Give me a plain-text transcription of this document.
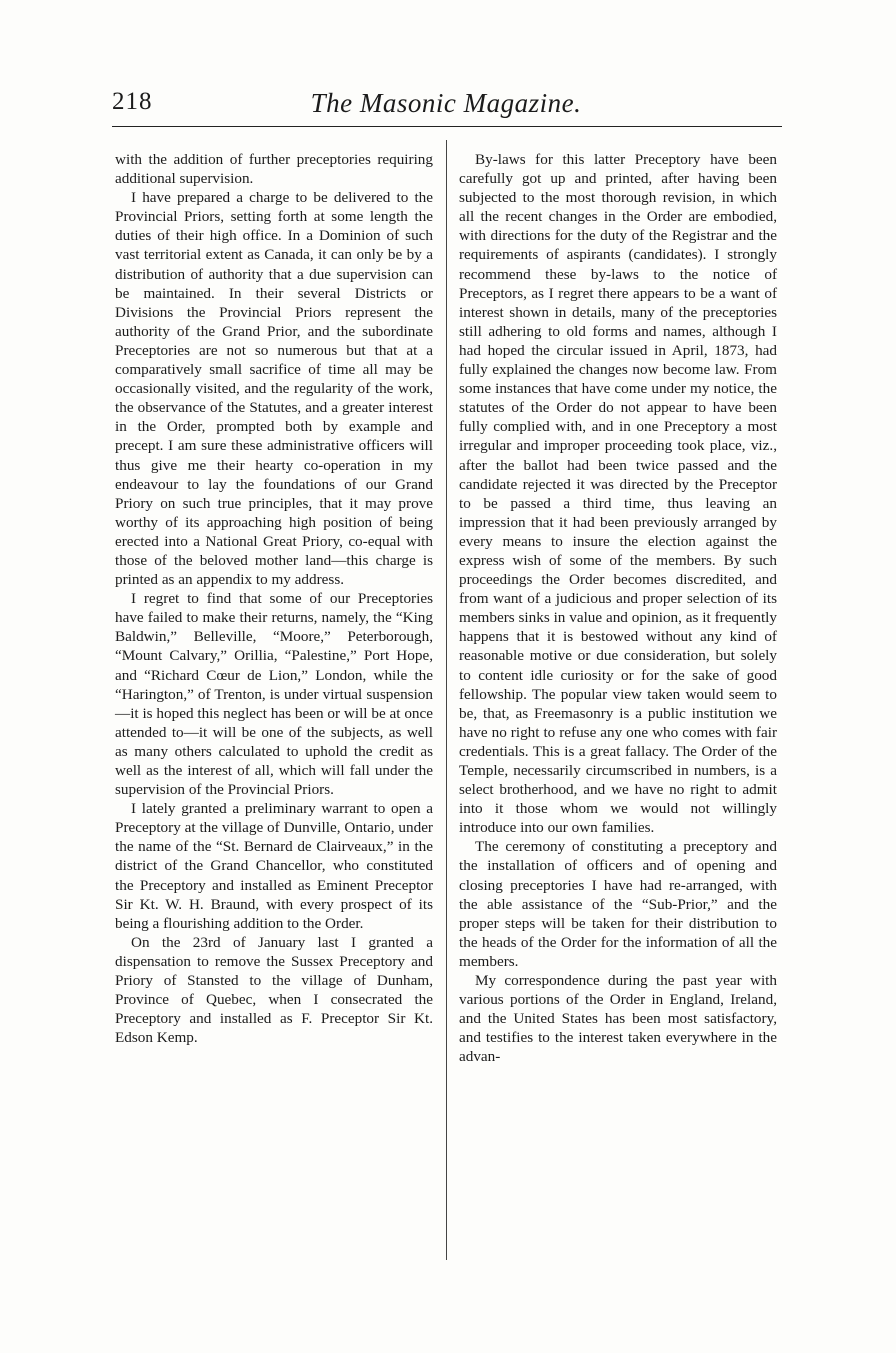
218	The Masonic Magazine.

with the addition of further preceptories requiring additional supervision.

I have prepared a charge to be delivered to the Provincial Priors, setting forth at some length the duties of their high office. In a Dominion of such vast territorial extent as Canada, it can only be by a distribution of authority that a due supervision can be maintained. In their several Districts or Divisions the Provincial Priors represent the authority of the Grand Prior, and the subordinate Preceptories are not so numerous but that at a comparatively small sacrifice of time all may be occasionally visited, and the regularity of the work, the observance of the Statutes, and a greater interest in the Order, prompted both by example and precept. I am sure these administrative officers will thus give me their hearty co-operation in my endeavour to lay the foundations of our Grand Priory on such true principles, that it may prove worthy of its approaching high position of being erected into a National Great Priory, co-equal with those of the beloved mother land—this charge is printed as an appendix to my address.

I regret to find that some of our Preceptories have failed to make their returns, namely, the “King Baldwin,” Belleville, “Moore,” Peterborough, “Mount Calvary,” Orillia, “Palestine,” Port Hope, and “Richard Cœur de Lion,” London, while the “Harington,” of Trenton, is under virtual suspension—it is hoped this neglect has been or will be at once attended to—it will be one of the subjects, as well as many others calculated to uphold the credit as well as the interest of all, which will fall under the supervision of the Provincial Priors.

I lately granted a preliminary warrant to open a Preceptory at the village of Dunville, Ontario, under the name of the “St. Bernard de Clairveaux,” in the district of the Grand Chancellor, who constituted the Preceptory and installed as Eminent Preceptor Sir Kt. W. H. Braund, with every prospect of its being a flourishing addition to the Order.

On the 23rd of January last I granted a dispensation to remove the Sussex Preceptory and Priory of Stansted to the village of Dunham, Province of Quebec, when I consecrated the Preceptory and installed as F. Preceptor Sir Kt. Edson Kemp.

By-laws for this latter Preceptory have been carefully got up and printed, after having been subjected to the most thorough revision, in which all the recent changes in the Order are embodied, with directions for the duty of the Registrar and the requirements of aspirants (candidates). I strongly recommend these by-laws to the notice of Preceptors, as I regret there appears to be a want of interest shown in details, many of the preceptories still adhering to old forms and names, although I had hoped the circular issued in April, 1873, had fully explained the changes now become law. From some instances that have come under my notice, the statutes of the Order do not appear to have been fully complied with, and in one Preceptory a most irregular and improper proceeding took place, viz., after the ballot had been twice passed and the candidate rejected it was directed by the Preceptor to be passed a third time, thus leaving an impression that it had been previously arranged by every means to insure the election against the express wish of some of the members. By such proceedings the Order becomes discredited, and from want of a judicious and proper selection of its members sinks in value and opinion, as it frequently happens that it is bestowed without any kind of reasonable motive or due consideration, but solely to content idle curiosity or for the sake of good fellowship. The popular view taken would seem to be, that, as Freemasonry is a public institution we have no right to refuse any one who comes with fair credentials. This is a great fallacy. The Order of the Temple, necessarily circumscribed in numbers, is a select brotherhood, and we have no right to admit into it those whom we would not willingly introduce into our own families.

The ceremony of constituting a preceptory and the installation of officers and of opening and closing preceptories I have had re-arranged, with the able assistance of the “Sub-Prior,” and the proper steps will be taken for their distribution to the heads of the Order for the information of all the members.

My correspondence during the past year with various portions of the Order in England, Ireland, and the United States has been most satisfactory, and testifies to the interest taken everywhere in the advan-
